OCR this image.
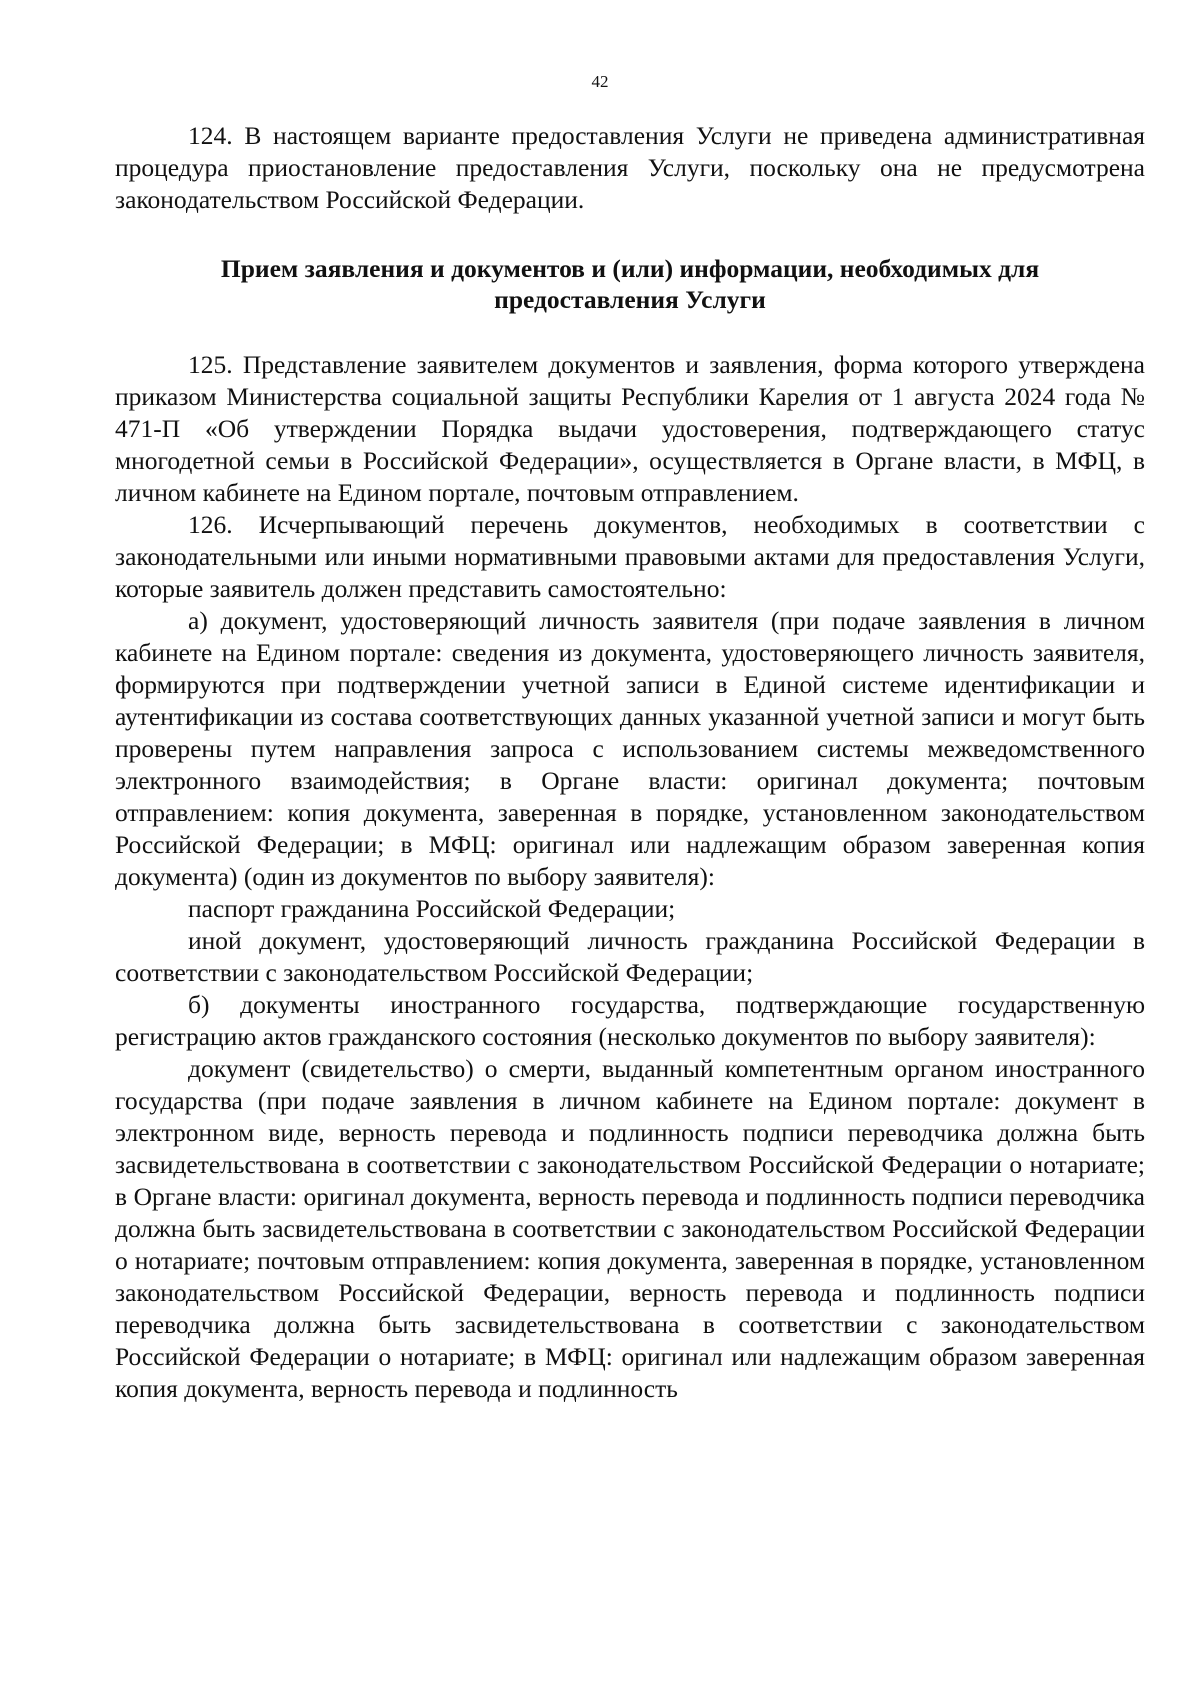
42

124. В настоящем варианте предоставления Услуги не приведена административная процедура приостановление предоставления Услуги, поскольку она не предусмотрена законодательством Российской Федерации.

Прием заявления и документов и (или) информации, необходимых для предоставления Услуги

125. Представление заявителем документов и заявления, форма которого утверждена приказом Министерства социальной защиты Республики Карелия от 1 августа 2024 года № 471-П «Об утверждении Порядка выдачи удостоверения, подтверждающего статус многодетной семьи в Российской Федерации», осуществляется в Органе власти, в МФЦ, в личном кабинете на Едином портале, почтовым отправлением.

126. Исчерпывающий перечень документов, необходимых в соответствии с законодательными или иными нормативными правовыми актами для предоставления Услуги, которые заявитель должен представить самостоятельно:

а) документ, удостоверяющий личность заявителя (при подаче заявления в личном кабинете на Едином портале: сведения из документа, удостоверяющего личность заявителя, формируются при подтверждении учетной записи в Единой системе идентификации и аутентификации из состава соответствующих данных указанной учетной записи и могут быть проверены путем направления запроса с использованием системы межведомственного электронного взаимодействия; в Органе власти: оригинал документа; почтовым отправлением: копия документа, заверенная в порядке, установленном законодательством Российской Федерации; в МФЦ: оригинал или надлежащим образом заверенная копия документа) (один из документов по выбору заявителя):

паспорт гражданина Российской Федерации;

иной документ, удостоверяющий личность гражданина Российской Федерации в соответствии с законодательством Российской Федерации;

б) документы иностранного государства, подтверждающие государственную регистрацию актов гражданского состояния (несколько документов по выбору заявителя):

документ (свидетельство) о смерти, выданный компетентным органом иностранного государства (при подаче заявления в личном кабинете на Едином портале: документ в электронном виде, верность перевода и подлинность подписи переводчика должна быть засвидетельствована в соответствии с законодательством Российской Федерации о нотариате; в Органе власти: оригинал документа, верность перевода и подлинность подписи переводчика должна быть засвидетельствована в соответствии с законодательством Российской Федерации о нотариате; почтовым отправлением: копия документа, заверенная в порядке, установленном законодательством Российской Федерации, верность перевода и подлинность подписи переводчика должна быть засвидетельствована в соответствии с законодательством Российской Федерации о нотариате; в МФЦ: оригинал или надлежащим образом заверенная копия документа, верность перевода и подлинность
